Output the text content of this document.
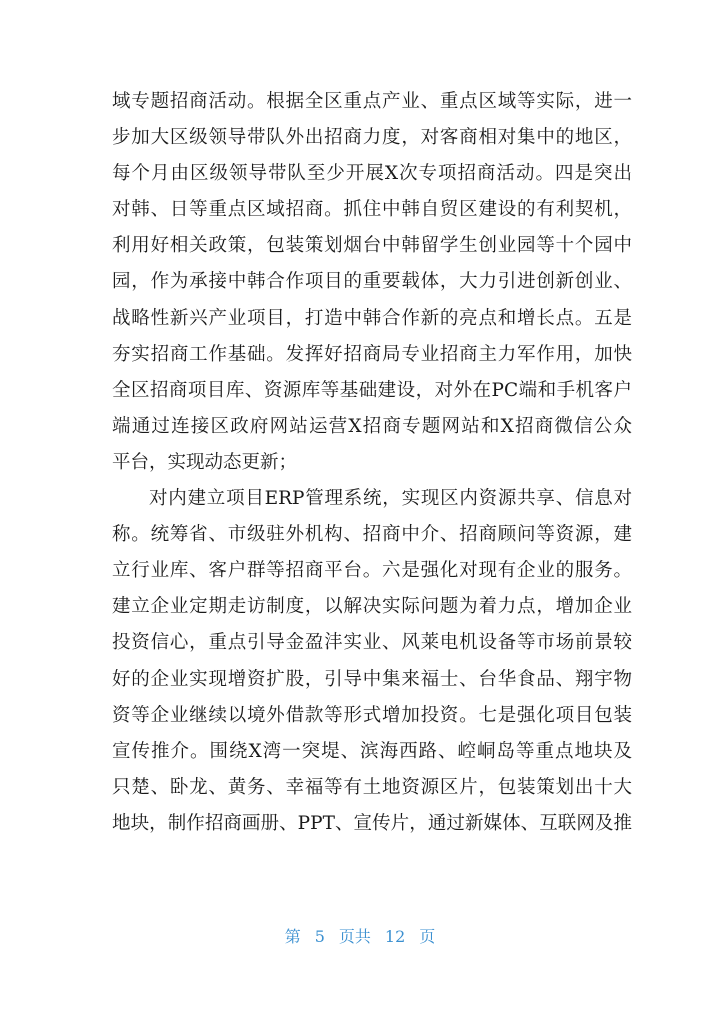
域专题招商活动。根据全区重点产业、重点区域等实际，进一
步加大区级领导带队外出招商力度，对客商相对集中的地区，
每个月由区级领导带队至少开展X次专项招商活动。四是突出
对韩、日等重点区域招商。抓住中韩自贸区建设的有利契机，
利用好相关政策，包装策划烟台中韩留学生创业园等十个园中
园，作为承接中韩合作项目的重要载体，大力引进创新创业、
战略性新兴产业项目，打造中韩合作新的亮点和增长点。五是
夯实招商工作基础。发挥好招商局专业招商主力军作用，加快
全区招商项目库、资源库等基础建设，对外在PC端和手机客户
端通过连接区政府网站运营X招商专题网站和X招商微信公众
平台，实现动态更新；
对内建立项目ERP管理系统，实现区内资源共享、信息对
称。统筹省、市级驻外机构、招商中介、招商顾问等资源，建
立行业库、客户群等招商平台。六是强化对现有企业的服务。
建立企业定期走访制度，以解决实际问题为着力点，增加企业
投资信心，重点引导金盈沣实业、风莱电机设备等市场前景较
好的企业实现增资扩股，引导中集来福士、台华食品、翔宇物
资等企业继续以境外借款等形式增加投资。七是强化项目包装
宣传推介。围绕X湾一突堤、滨海西路、崆峒岛等重点地块及
只楚、卧龙、黄务、幸福等有土地资源区片，包装策划出十大
地块，制作招商画册、PPT、宣传片，通过新媒体、互联网及推
第 5 页共 12 页
